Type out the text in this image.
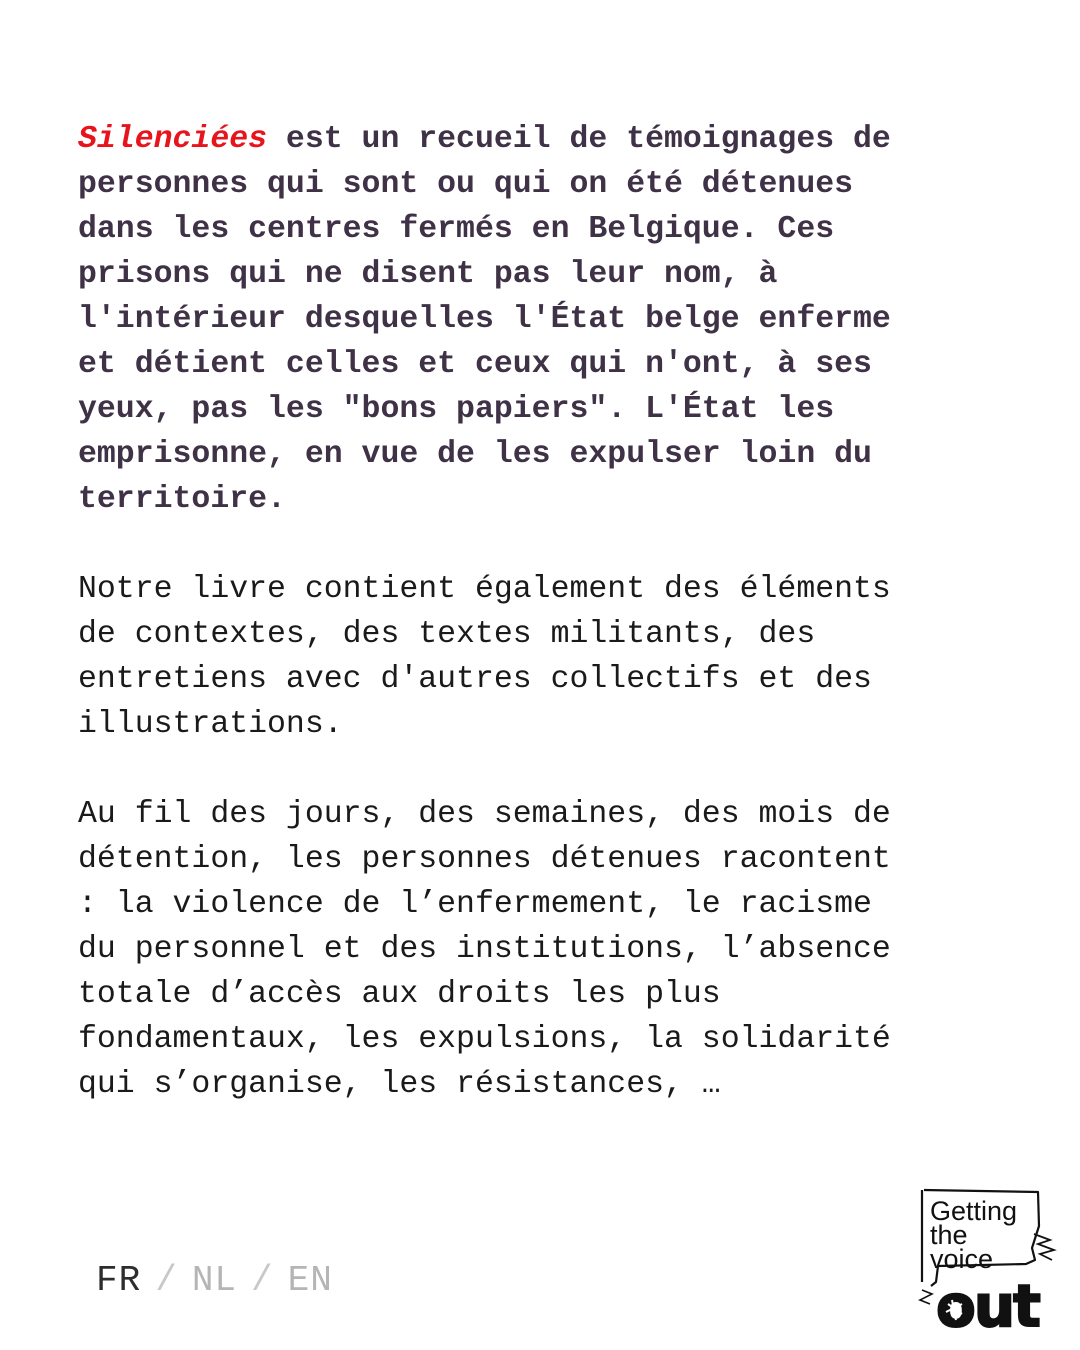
Silenciées est un recueil de témoignages de
personnes qui sont ou qui on été détenues
dans les centres fermés en Belgique. Ces
prisons qui ne disent pas leur nom, à
l'intérieur desquelles l'État belge enferme
et détient celles et ceux qui n'ont, à ses
yeux, pas les "bons papiers". L'État les
emprisonne, en vue de les expulser loin du
territoire.

Notre livre contient également des éléments
de contextes, des textes militants, des
entretiens avec d'autres collectifs et des
illustrations.

Au fil des jours, des semaines, des mois de
détention, les personnes détenues racontent
: la violence de l’enfermement, le racisme
du personnel et des institutions, l’absence
totale d’accès aux droits les plus
fondamentaux, les expulsions, la solidarité
qui s’organise, les résistances, …

FR / NL / EN
Getting
the
voice
out
